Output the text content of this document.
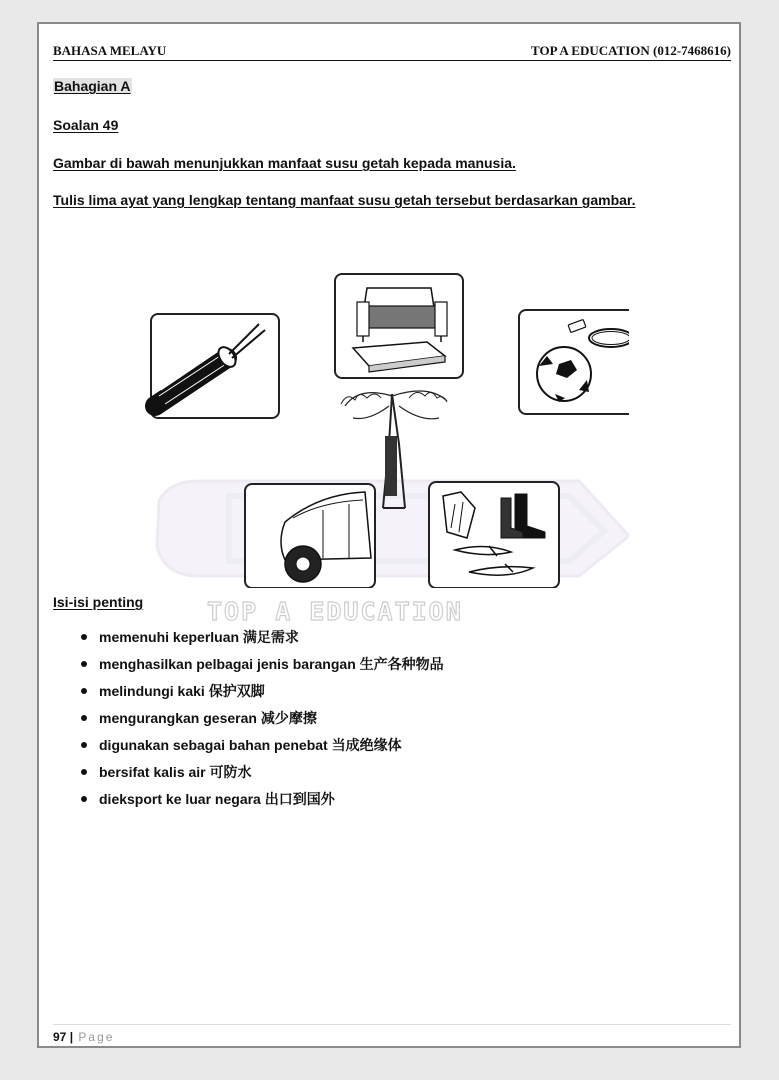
BAHASA MELAYU	TOP A EDUCATION (012-7468616)
Bahagian A
Soalan 49
Gambar di bawah menunjukkan manfaat susu getah kepada manusia.
Tulis lima ayat yang lengkap tentang manfaat susu getah tersebut berdasarkan gambar.
TOP A EDUCATION
Isi-isi penting
memenuhi keperluan 满足需求
menghasilkan pelbagai jenis barangan 生产各种物品
melindungi kaki 保护双脚
mengurangkan geseran 减少摩擦
digunakan sebagai bahan penebat 当成绝缘体
bersifat kalis air 可防水
dieksport ke luar negara 出口到国外
97 | Page
